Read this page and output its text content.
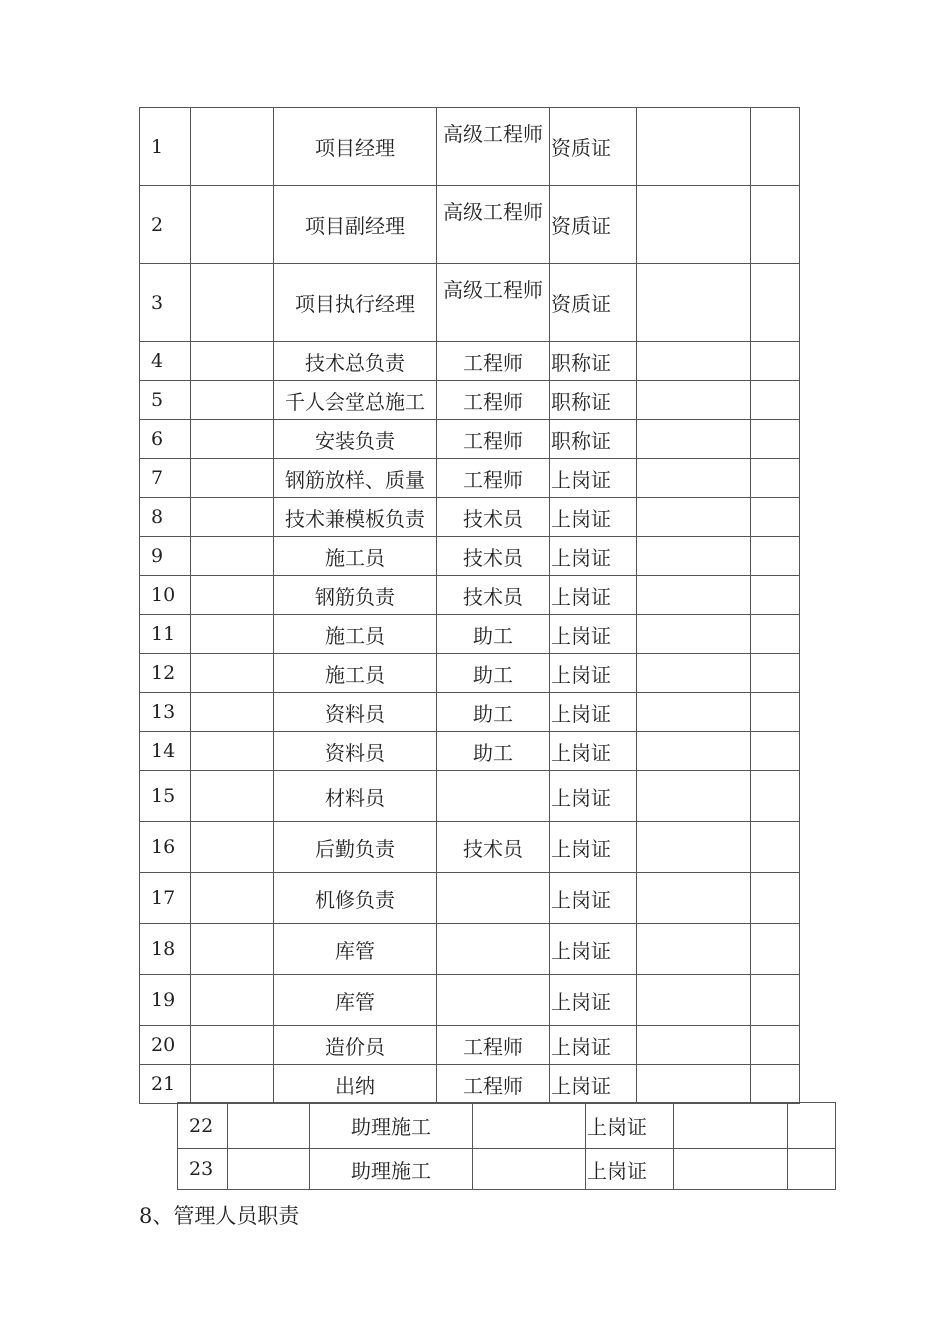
1		项目经理	高级工程师	资质证		
2		项目副经理	高级工程师	资质证		
3		项目执行经理	高级工程师	资质证		
4		技术总负责	工程师	职称证		
5		千人会堂总施工	工程师	职称证		
6		安装负责	工程师	职称证		
7		钢筋放样、质量	工程师	上岗证		
8		技术兼模板负责	技术员	上岗证		
9		施工员	技术员	上岗证		
10		钢筋负责	技术员	上岗证		
11		施工员	助工	上岗证		
12		施工员	助工	上岗证		
13		资料员	助工	上岗证		
14		资料员	助工	上岗证		
15		材料员		上岗证		
16		后勤负责	技术员	上岗证		
17		机修负责		上岗证		
18		库管		上岗证		
19		库管		上岗证		
20		造价员	工程师	上岗证		
21		出纳	工程师	上岗证		
22		助理施工		上岗证		
23		助理施工		上岗证		

8、管理人员职责
